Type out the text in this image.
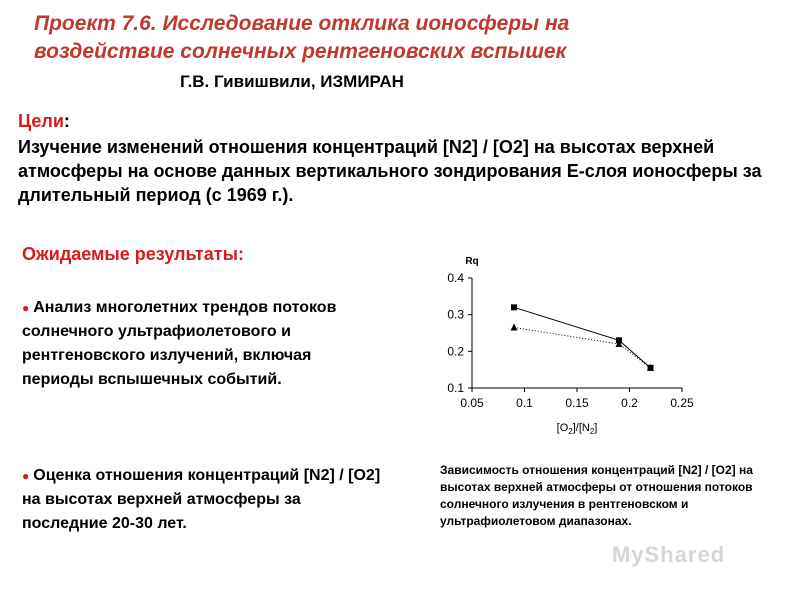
Проект 7.6. Исследование отклика ионосферы на
воздействие солнечных рентгеновских вспышек
Г.В. Гивишвили, ИЗМИРАН
Цели:
Изучение изменений отношения концентраций [N2] / [O2] на высотах верхней атмосферы на основе данных вертикального зондирования Е-слоя ионосферы за длительный период (с 1969 г.).
Ожидаемые результаты:
● Анализ многолетних трендов потоков солнечного ультрафиолетового и рентгеновского излучений, включая периоды вспышечных событий.
● Оценка отношения концентраций [N2] / [O2] на высотах верхней атмосферы за последние 20-30 лет.
0.1
0.2
0.3
0.4
0.05	0.1	0.15	0.2	0.25
Rq
$[O_2]/[N_2]$
Зависимость отношения концентраций [N2] / [O2] на высотах верхней атмосферы от отношения потоков солнечного излучения в рентгеновском и ультрафиолетовом диапазонах.
MyShared
